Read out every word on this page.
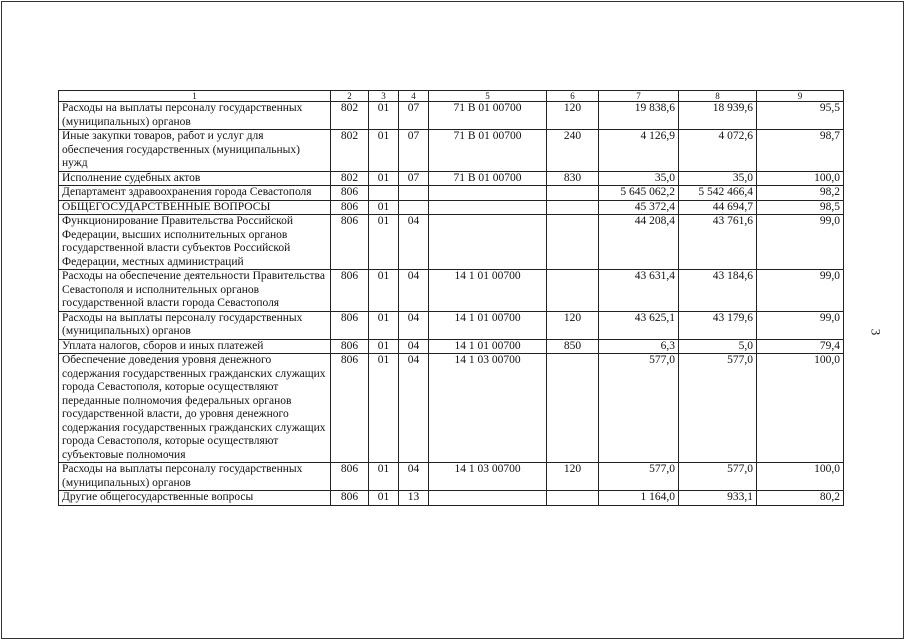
1	2	3	4	5	6	7	8	9
Расходы на выплаты персоналу государственных (муниципальных) органов	802	01	07	71 В 01 00700	120	19 838,6	18 939,6	95,5
Иные закупки товаров, работ и услуг для обеспечения государственных (муниципальных) нужд	802	01	07	71 В 01 00700	240	4 126,9	4 072,6	98,7
Исполнение судебных актов	802	01	07	71 В 01 00700	830	35,0	35,0	100,0
Департамент здравоохранения города Севастополя	806					5 645 062,2	5 542 466,4	98,2
ОБЩЕГОСУДАРСТВЕННЫЕ ВОПРОСЫ	806	01				45 372,4	44 694,7	98,5
Функционирование Правительства Российской Федерации, высших исполнительных органов государственной власти субъектов Российской Федерации, местных администраций	806	01	04			44 208,4	43 761,6	99,0
Расходы на обеспечение деятельности Правительства Севастополя и исполнительных органов государственной власти города Севастополя	806	01	04	14 1 01 00700		43 631,4	43 184,6	99,0
Расходы на выплаты персоналу государственных (муниципальных) органов	806	01	04	14 1 01 00700	120	43 625,1	43 179,6	99,0
Уплата налогов, сборов и иных платежей	806	01	04	14 1 01 00700	850	6,3	5,0	79,4
Обеспечение доведения уровня денежного содержания государственных гражданских служащих города Севастополя, которые осуществляют переданные полномочия федеральных органов государственной власти, до уровня денежного содержания государственных гражданских служащих города Севастополя, которые осуществляют субъектовые полномочия	806	01	04	14 1 03 00700		577,0	577,0	100,0
Расходы на выплаты персоналу государственных (муниципальных) органов	806	01	04	14 1 03 00700	120	577,0	577,0	100,0
Другие общегосударственные вопросы	806	01	13			1 164,0	933,1	80,2
3
